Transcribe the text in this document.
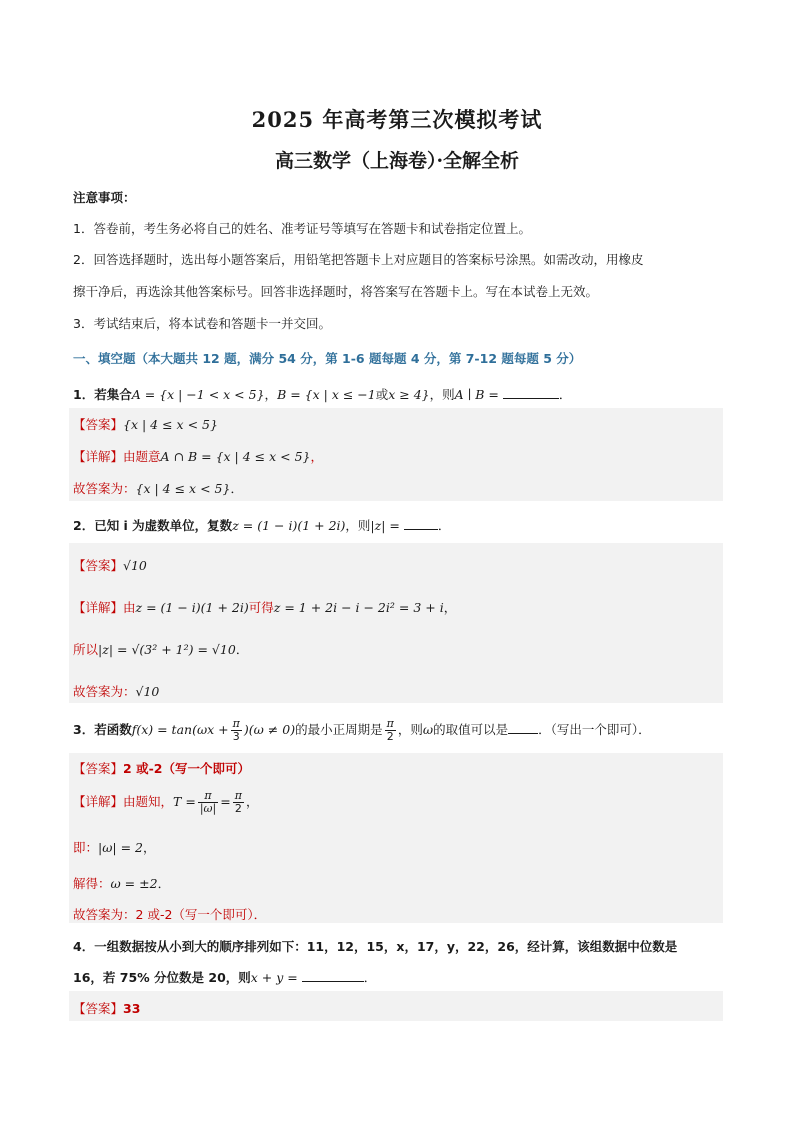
2025 年高考第三次模拟考试
高三数学（上海卷）·全解全析
注意事项：
1．答卷前，考生务必将自己的姓名、准考证号等填写在答题卡和试卷指定位置上。
2．回答选择题时，选出每小题答案后，用铅笔把答题卡上对应题目的答案标号涂黑。如需改动，用橡皮
擦干净后，再选涂其他答案标号。回答非选择题时，将答案写在答题卡上。写在本试卷上无效。
3．考试结束后，将本试卷和答题卡一并交回。
一、填空题（本大题共 12 题，满分 54 分，第 1-6 题每题 4 分，第 7-12 题每题 5 分）
1．若集合A = {x | −1 < x < 5}，B = {x | x ≤ −1或x ≥ 4}，则A ∣ B =	．
【答案】{x | 4 ≤ x < 5}
【详解】由题意A ∩ B = {x | 4 ≤ x < 5}，
故答案为：{x | 4 ≤ x < 5}．
2．已知 i 为虚数单位，复数z = (1 − i)(1 + 2i)，则|z| =	．
【答案】√10
【详解】由z = (1 − i)(1 + 2i)可得z = 1 + 2i − i − 2i² = 3 + i，
所以|z| = √(3² + 1²) = √10．
故答案为：√10
3．若函数$f(x) = \tan(\omega x + \frac{\pi}{3} )(\omega \ne 0)$的最小正周期是 $\frac{\pi}{2}$ ，则ω的取值可以是 ．（写出一个即可）．
【答案】2 或-2（写一个即可）
【详解】由题知，$T = \frac{\pi}{|\omega|} = \frac{\pi}{2}$ ，
即：|ω| = 2，
解得：ω = ±2．
故答案为：2 或-2（写一个即可）．
4．一组数据按从小到大的顺序排列如下：11，12，15，x，17，y，22，26，经计算，该组数据中位数是
16，若 75% 分位数是 20，则x + y =	．
【答案】33
